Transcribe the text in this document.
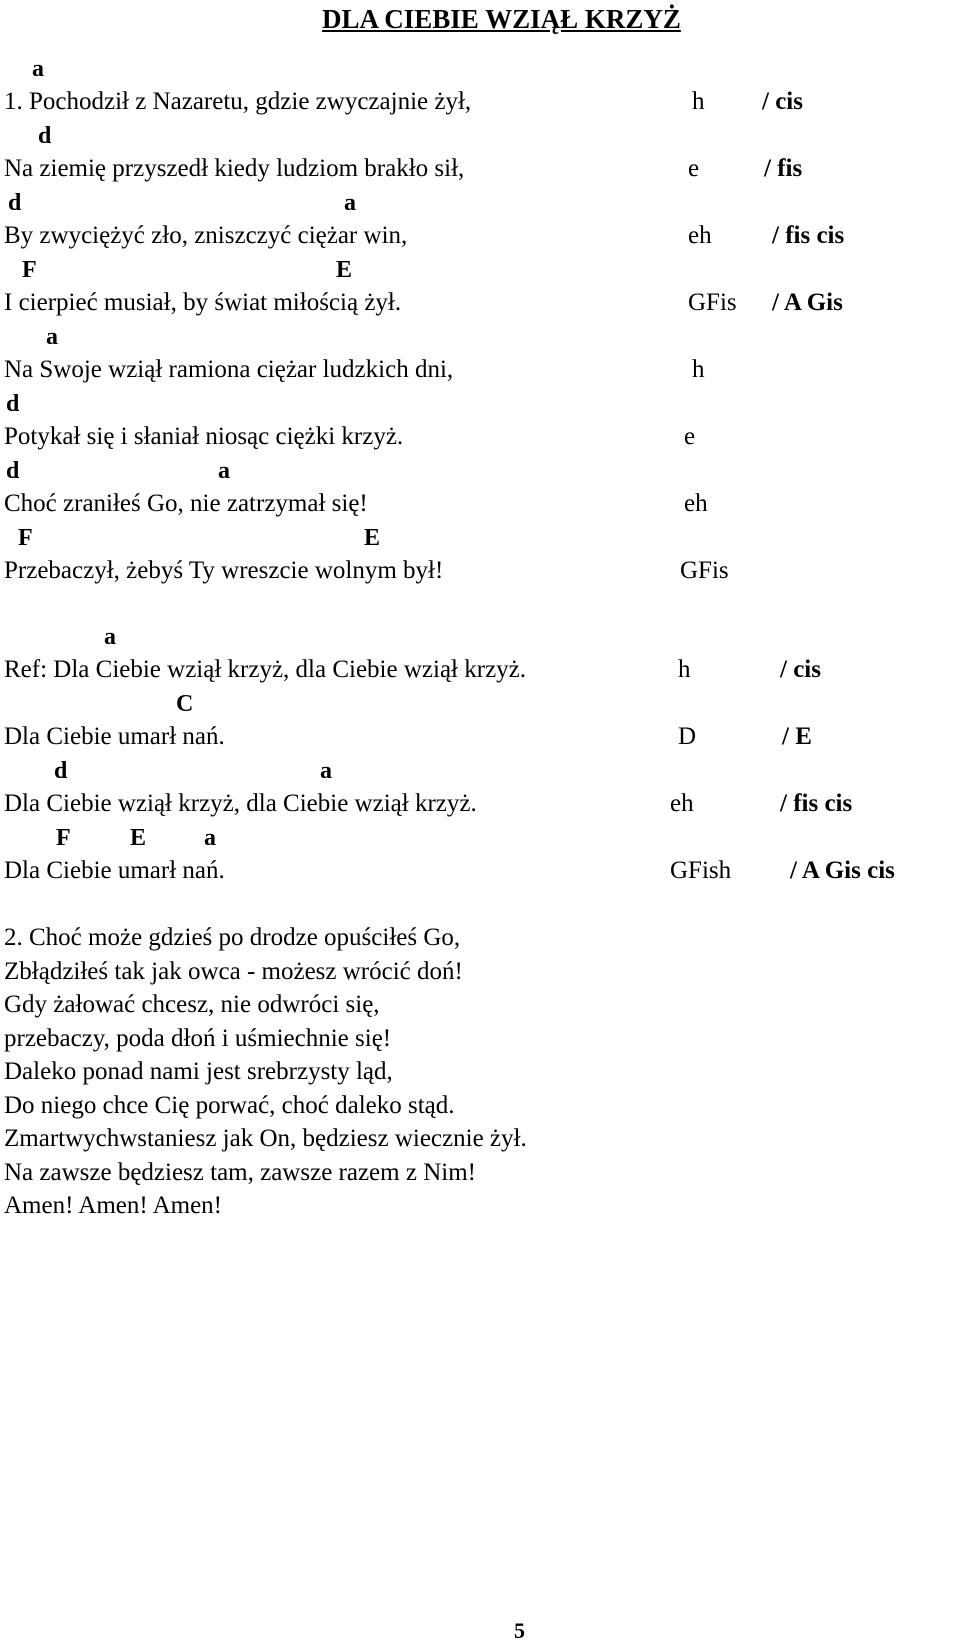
DLA CIEBIE WZIĄŁ KRZYŻ
a
d
d	a
F	E
a
d
d	a
F	E
1. Pochodził z Nazaretu, gdzie zwyczajnie żył,
Na ziemię przyszedł kiedy ludziom brakło sił,
By zwyciężyć zło, zniszczyć ciężar win,
I cierpieć musiał, by świat miłością żył.
Na Swoje wziął ramiona ciężar ludzkich dni,
Potykał się i słaniał niosąc ciężki krzyż.
Choć zraniłeś Go, nie zatrzymał się!
Przebaczył, żebyś Ty wreszcie wolnym był!
h
e
eh
GFis
h
e
eh
GFis
/ cis
/ fis
/ fis cis
/ A Gis
a
C
d	a
F E a
Ref: Dla Ciebie wziął krzyż, dla Ciebie wziął krzyż.
Dla Ciebie umarł nań.
Dla Ciebie wziął krzyż, dla Ciebie wziął krzyż.
Dla Ciebie umarł nań.
h
D
eh
GFish
/ cis
/ E
/ fis cis
/ A Gis cis
2. Choć może gdzieś po drodze opuściłeś Go,
Zbłądziłeś tak jak owca - możesz wrócić doń!
Gdy żałować chcesz, nie odwróci się,
przebaczy, poda dłoń i uśmiechnie się!
Daleko ponad nami jest srebrzysty ląd,
Do niego chce Cię porwać, choć daleko stąd.
Zmartwychwstaniesz jak On, będziesz wiecznie żył.
Na zawsze będziesz tam, zawsze razem z Nim!
Amen! Amen! Amen!
5
